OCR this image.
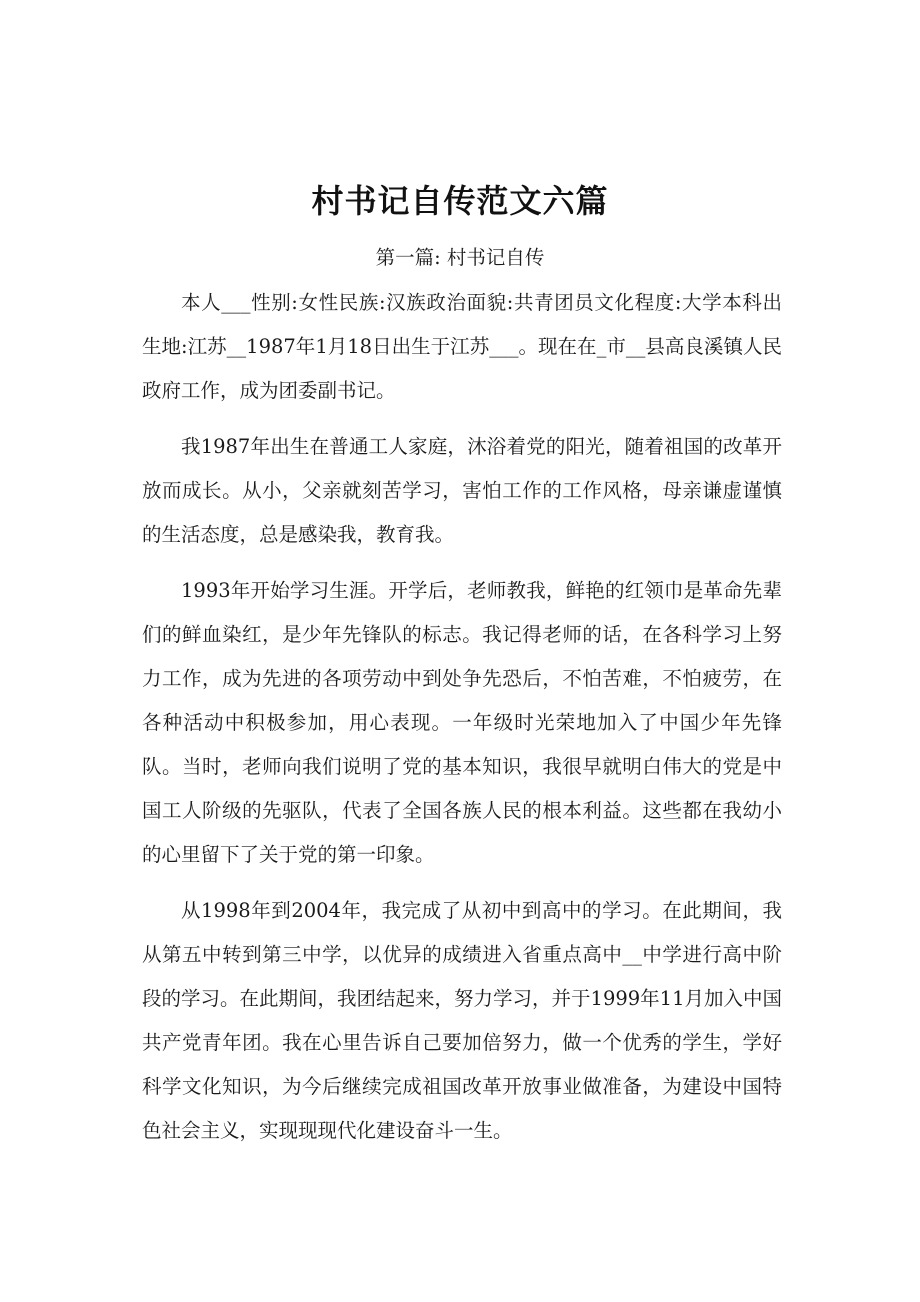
村书记自传范文六篇
第一篇: 村书记自传

本人___性别:女性民族:汉族政治面貌:共青团员文化程度:大学本科出生地:江苏__1987年1月18日出生于江苏___。现在在_市__县高良溪镇人民政府工作，成为团委副书记。

我1987年出生在普通工人家庭，沐浴着党的阳光，随着祖国的改革开放而成长。从小，父亲就刻苦学习，害怕工作的工作风格，母亲谦虚谨慎的生活态度，总是感染我，教育我。

1993年开始学习生涯。开学后，老师教我，鲜艳的红领巾是革命先辈们的鲜血染红，是少年先锋队的标志。我记得老师的话，在各科学习上努力工作，成为先进的各项劳动中到处争先恐后，不怕苦难，不怕疲劳，在各种活动中积极参加，用心表现。一年级时光荣地加入了中国少年先锋队。当时，老师向我们说明了党的基本知识，我很早就明白伟大的党是中国工人阶级的先驱队，代表了全国各族人民的根本利益。这些都在我幼小的心里留下了关于党的第一印象。

从1998年到2004年，我完成了从初中到高中的学习。在此期间，我从第五中转到第三中学，以优异的成绩进入省重点高中__中学进行高中阶段的学习。在此期间，我团结起来，努力学习，并于1999年11月加入中国共产党青年团。我在心里告诉自己要加倍努力，做一个优秀的学生，学好科学文化知识，为今后继续完成祖国改革开放事业做准备，为建设中国特色社会主义，实现现现代化建设奋斗一生。
